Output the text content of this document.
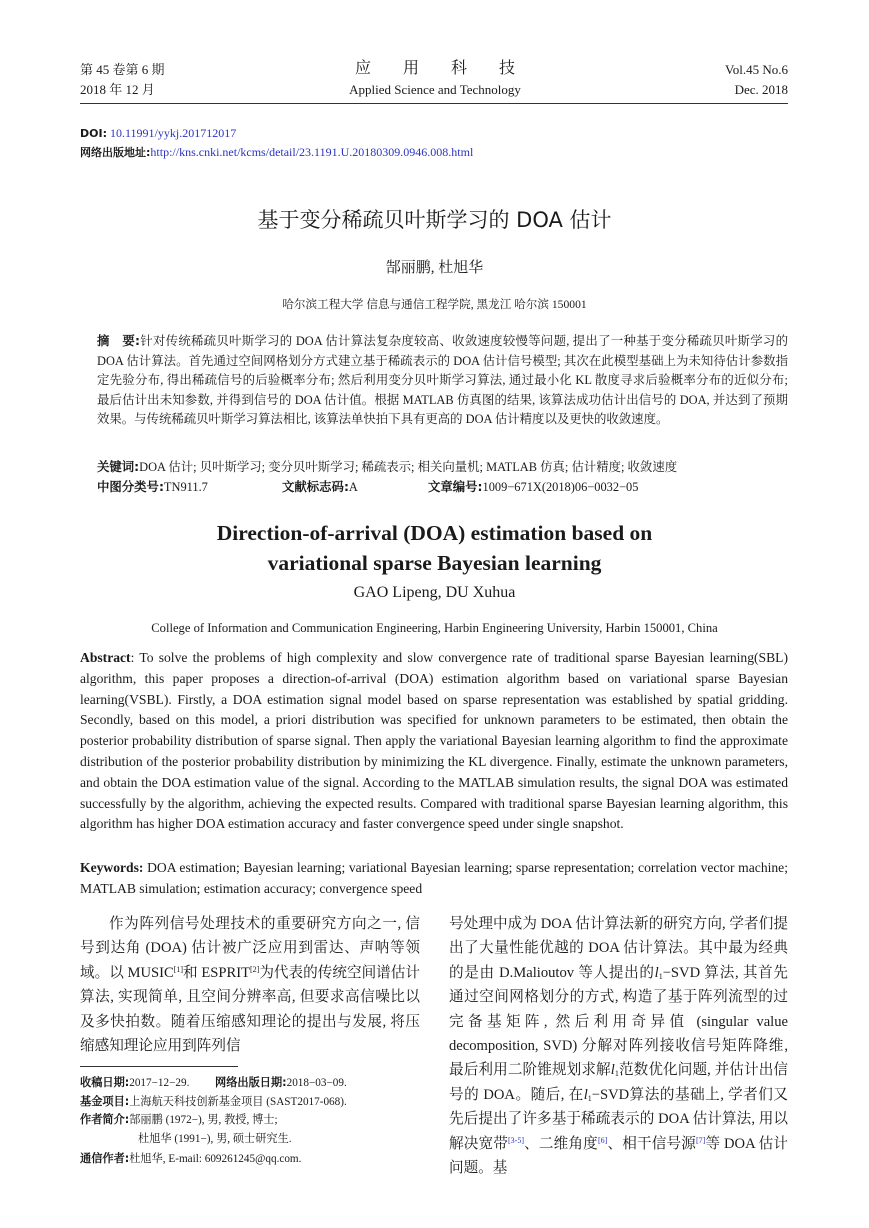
第 45 卷第 6 期
2018 年 12 月
应　　用　　科　　技
Applied Science and Technology
Vol.45 No.6
Dec. 2018
DOI: 10.11991/yykj.201712017
网络出版地址:http://kns.cnki.net/kcms/detail/23.1191.U.20180309.0946.008.html
基于变分稀疏贝叶斯学习的 DOA 估计
郜丽鹏, 杜旭华
哈尔滨工程大学 信息与通信工程学院, 黑龙江 哈尔滨 150001
摘　要:针对传统稀疏贝叶斯学习的 DOA 估计算法复杂度较高、收敛速度较慢等问题, 提出了一种基于变分稀疏贝叶斯学习的 DOA 估计算法。首先通过空间网格划分方式建立基于稀疏表示的 DOA 估计信号模型; 其次在此模型基础上为未知待估计参数指定先验分布, 得出稀疏信号的后验概率分布; 然后利用变分贝叶斯学习算法, 通过最小化 KL 散度寻求后验概率分布的近似分布; 最后估计出未知参数, 并得到信号的 DOA 估计值。根据 MATLAB 仿真图的结果, 该算法成功估计出信号的 DOA, 并达到了预期效果。与传统稀疏贝叶斯学习算法相比, 该算法单快拍下具有更高的 DOA 估计精度以及更快的收敛速度。
关键词:DOA 估计; 贝叶斯学习; 变分贝叶斯学习; 稀疏表示; 相关向量机; MATLAB 仿真; 估计精度; 收敛速度
中图分类号:TN911.7	文献标志码:A	文章编号:1009−671X(2018)06−0032−05
Direction-of-arrival (DOA) estimation based on
variational sparse Bayesian learning
GAO Lipeng, DU Xuhua
College of Information and Communication Engineering, Harbin Engineering University, Harbin 150001, China
Abstract: To solve the problems of high complexity and slow convergence rate of traditional sparse Bayesian learning(SBL) algorithm, this paper proposes a direction-of-arrival (DOA) estimation algorithm based on variational sparse Bayesian learning(VSBL). Firstly, a DOA estimation signal model based on sparse representation was established by spatial gridding. Secondly, based on this model, a priori distribution was specified for unknown parameters to be estimated, then obtain the posterior probability distribution of sparse signal. Then apply the variational Bayesian learning algorithm to find the approximate distribution of the posterior probability distribution by minimizing the KL divergence. Finally, estimate the unknown parameters, and obtain the DOA estimation value of the signal. According to the MATLAB simulation results, the signal DOA was estimated successfully by the algorithm, achieving the expected results. Compared with traditional sparse Bayesian learning algorithm, this algorithm has higher DOA estimation accuracy and faster convergence speed under single snapshot.
Keywords: DOA estimation; Bayesian learning; variational Bayesian learning; sparse representation; correlation vector machine; MATLAB simulation; estimation accuracy; convergence speed
作为阵列信号处理技术的重要研究方向之一, 信号到达角 (DOA) 估计被广泛应用到雷达、声呐等领域。以 MUSIC[1]和 ESPRIT[2]为代表的传统空间谱估计算法, 实现简单, 且空间分辨率高, 但要求高信噪比以及多快拍数。随着压缩感知理论的提出与发展, 将压缩感知理论应用到阵列信
收稿日期:2017−12−29. 网络出版日期:2018−03−09.
基金项目:上海航天科技创新基金项目 (SAST2017-068).
作者简介:郜丽鹏 (1972−), 男, 教授, 博士;
杜旭华 (1991−), 男, 硕士研究生.
通信作者:杜旭华, E-mail: 609261245@qq.com.
号处理中成为 DOA 估计算法新的研究方向, 学者们提出了大量性能优越的 DOA 估计算法。其中最为经典的是由 D.Malioutov 等人提出的$l_1-SVD$ 算法, 其首先通过空间网格划分的方式, 构造了基于阵列流型的过完备基矩阵, 然后利用奇异值 (singular value decomposition, SVD) 分解对阵列接收信号矩阵降维, 最后利用二阶锥规划求解$l_1$范数优化问题, 并估计出信号的 DOA。随后, 在$l_1-SVD$算法的基础上, 学者们又先后提出了许多基于稀疏表示的 DOA 估计算法, 用以解决宽带[3-5]、二维角度[6]、相干信号源[7]等 DOA 估计问题。基
